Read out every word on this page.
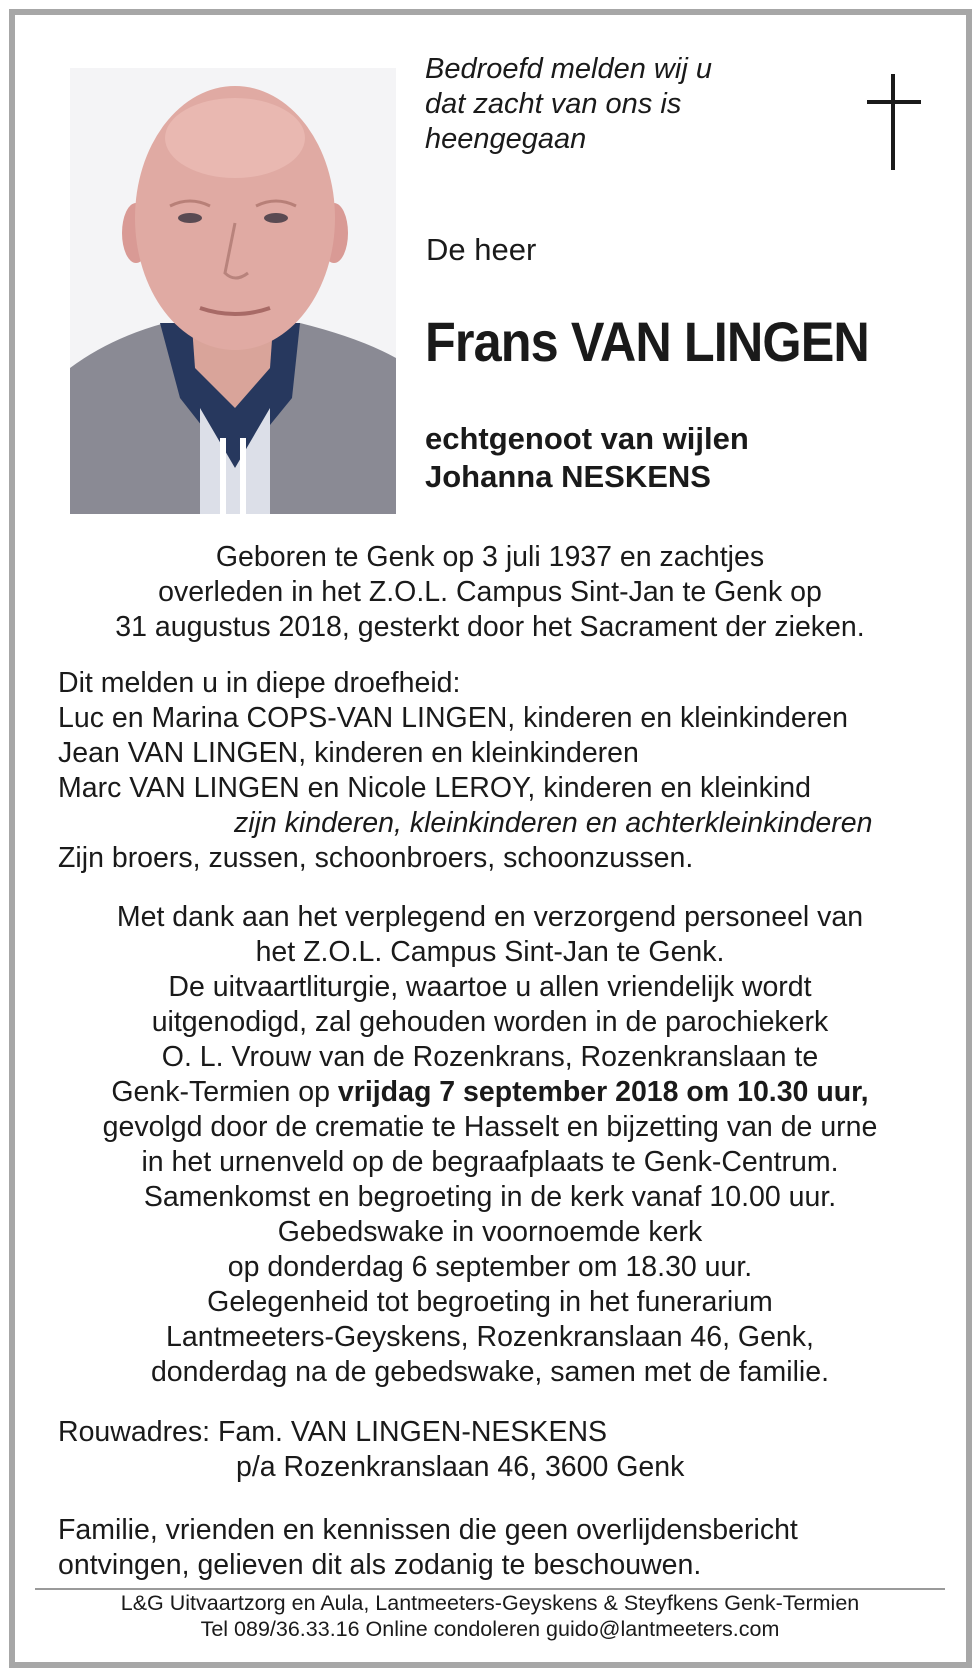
Bedroefd melden wij u
dat zacht van ons is
heengegaan
De heer
Frans VAN LINGEN
echtgenoot van wijlen
Johanna NESKENS
Geboren te Genk op 3 juli 1937 en zachtjes
overleden in het Z.O.L. Campus Sint-Jan te Genk op
31 augustus 2018, gesterkt door het Sacrament der zieken.
Dit melden u in diepe droefheid:
Luc en Marina COPS-VAN LINGEN, kinderen en kleinkinderen
Jean VAN LINGEN, kinderen en kleinkinderen
Marc VAN LINGEN en Nicole LEROY, kinderen en kleinkind
zijn kinderen, kleinkinderen en achterkleinkinderen
Zijn broers, zussen, schoonbroers, schoonzussen.
Met dank aan het verplegend en verzorgend personeel van
het Z.O.L. Campus Sint-Jan te Genk.
De uitvaartliturgie, waartoe u allen vriendelijk wordt
uitgenodigd, zal gehouden worden in de parochiekerk
O. L. Vrouw van de Rozenkrans, Rozenkranslaan te
Genk-Termien op vrijdag 7 september 2018 om 10.30 uur,
gevolgd door de crematie te Hasselt en bijzetting van de urne
in het urnenveld op de begraafplaats te Genk-Centrum.
Samenkomst en begroeting in de kerk vanaf 10.00 uur.
Gebedswake in voornoemde kerk
op donderdag 6 september om 18.30 uur.
Gelegenheid tot begroeting in het funerarium
Lantmeeters-Geyskens, Rozenkranslaan 46, Genk,
donderdag na de gebedswake, samen met de familie.
Rouwadres: Fam. VAN LINGEN-NESKENS
p/a Rozenkranslaan 46, 3600 Genk
Familie, vrienden en kennissen die geen overlijdensbericht
ontvingen, gelieven dit als zodanig te beschouwen.
L&G Uitvaartzorg en Aula, Lantmeeters-Geyskens & Steyfkens Genk-Termien
Tel 089/36.33.16 Online condoleren guido@lantmeeters.com
